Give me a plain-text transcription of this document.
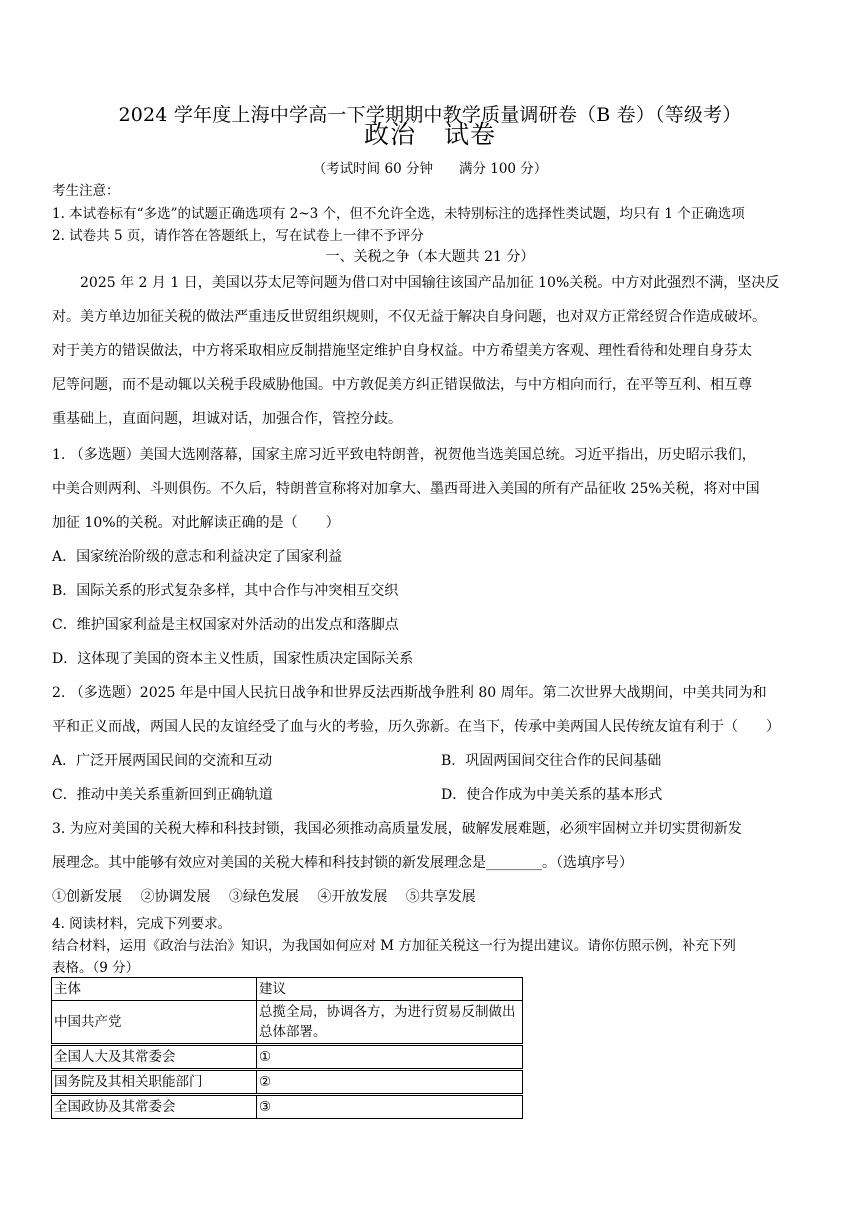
2024 学年度上海中学高一下学期期中教学质量调研卷（B 卷）（等级考）
政治 试卷
（考试时间 60 分钟 满分 100 分）
考生注意：
1. 本试卷标有“多选”的试题正确选项有 2~3 个，但不允许全选，未特别标注的选择性类试题，均只有 1 个正确选项
2. 试卷共 5 页，请作答在答题纸上，写在试卷上一律不予评分
一、关税之争（本大题共 21 分）
2025 年 2 月 1 日，美国以芬太尼等问题为借口对中国输往该国产品加征 10%关税。中方对此强烈不满，坚决反
对。美方单边加征关税的做法严重违反世贸组织规则，不仅无益于解决自身问题，也对双方正常经贸合作造成破坏。
对于美方的错误做法，中方将采取相应反制措施坚定维护自身权益。中方希望美方客观、理性看待和处理自身芬太
尼等问题，而不是动辄以关税手段威胁他国。中方敦促美方纠正错误做法，与中方相向而行，在平等互利、相互尊
重基础上，直面问题，坦诚对话，加强合作，管控分歧。
1. （多选题）美国大选刚落幕，国家主席习近平致电特朗普，祝贺他当选美国总统。习近平指出，历史昭示我们，
中美合则两利、斗则俱伤。不久后，特朗普宣称将对加拿大、墨西哥进入美国的所有产品征收 25%关税，将对中国
加征 10%的关税。对此解读正确的是（　　）
A．国家统治阶级的意志和利益决定了国家利益
B．国际关系的形式复杂多样，其中合作与冲突相互交织
C．维护国家利益是主权国家对外活动的出发点和落脚点
D．这体现了美国的资本主义性质，国家性质决定国际关系
2. （多选题）2025 年是中国人民抗日战争和世界反法西斯战争胜利 80 周年。第二次世界大战期间，中美共同为和
平和正义而战，两国人民的友谊经受了血与火的考验，历久弥新。在当下，传承中美两国人民传统友谊有利于（　　）
A．广泛开展两国民间的交流和互动	B．巩固两国间交往合作的民间基础
C．推动中美关系重新回到正确轨道	D．使合作成为中美关系的基本形式
3. 为应对美国的关税大棒和科技封锁，我国必须推动高质量发展，破解发展难题，必须牢固树立并切实贯彻新发
展理念。其中能够有效应对美国的关税大棒和科技封锁的新发展理念是________。（选填序号）
①创新发展　 ②协调发展　 ③绿色发展　 ④开放发展　 ⑤共享发展
4. 阅读材料，完成下列要求。
结合材料，运用《政治与法治》知识，为我国如何应对 M 方加征关税这一行为提出建议。请你仿照示例，补充下列
表格。（9 分）
主体	建议
中国共产党	总揽全局，协调各方，为进行贸易反制做出总体部署。
全国人大及其常委会	①
国务院及其相关职能部门	②
全国政协及其常委会	③
